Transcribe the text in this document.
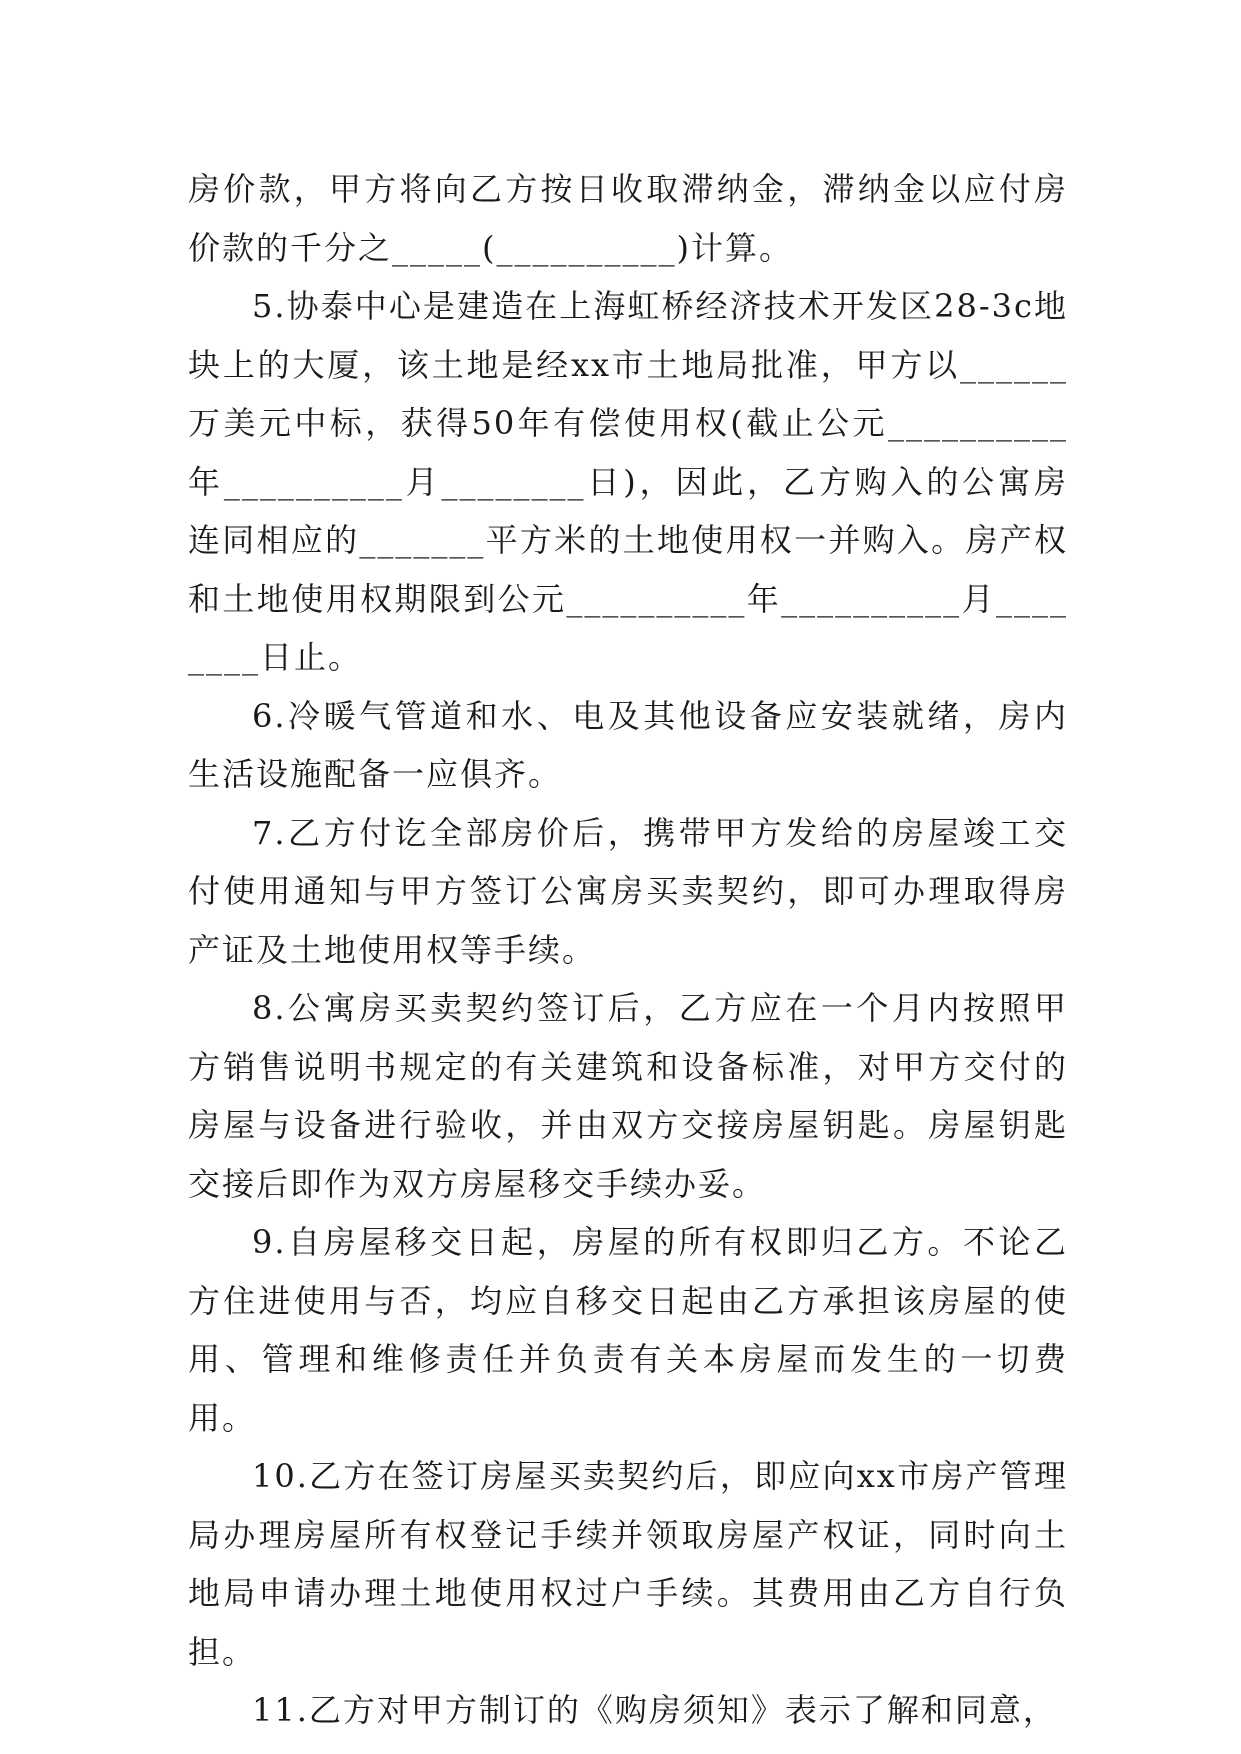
房价款，甲方将向乙方按日收取滞纳金，滞纳金以应付房价款的千分之_____(__________)计算。

5.协泰中心是建造在上海虹桥经济技术开发区28-3c地块上的大厦，该土地是经xx市土地局批准，甲方以______万美元中标，获得50年有偿使用权(截止公元__________年__________月________日)，因此，乙方购入的公寓房连同相应的_______平方米的土地使用权一并购入。房产权和土地使用权期限到公元__________年__________月________日止。

6.冷暖气管道和水、电及其他设备应安装就绪，房内生活设施配备一应俱齐。

7.乙方付讫全部房价后，携带甲方发给的房屋竣工交付使用通知与甲方签订公寓房买卖契约，即可办理取得房产证及土地使用权等手续。

8.公寓房买卖契约签订后，乙方应在一个月内按照甲方销售说明书规定的有关建筑和设备标准，对甲方交付的房屋与设备进行验收，并由双方交接房屋钥匙。房屋钥匙交接后即作为双方房屋移交手续办妥。

9.自房屋移交日起，房屋的所有权即归乙方。不论乙方住进使用与否，均应自移交日起由乙方承担该房屋的使用、管理和维修责任并负责有关本房屋而发生的一切费用。

10.乙方在签订房屋买卖契约后，即应向xx市房产管理局办理房屋所有权登记手续并领取房屋产权证，同时向土地局申请办理土地使用权过户手续。其费用由乙方自行负担。

11.乙方对甲方制订的《购房须知》表示了解和同意，
